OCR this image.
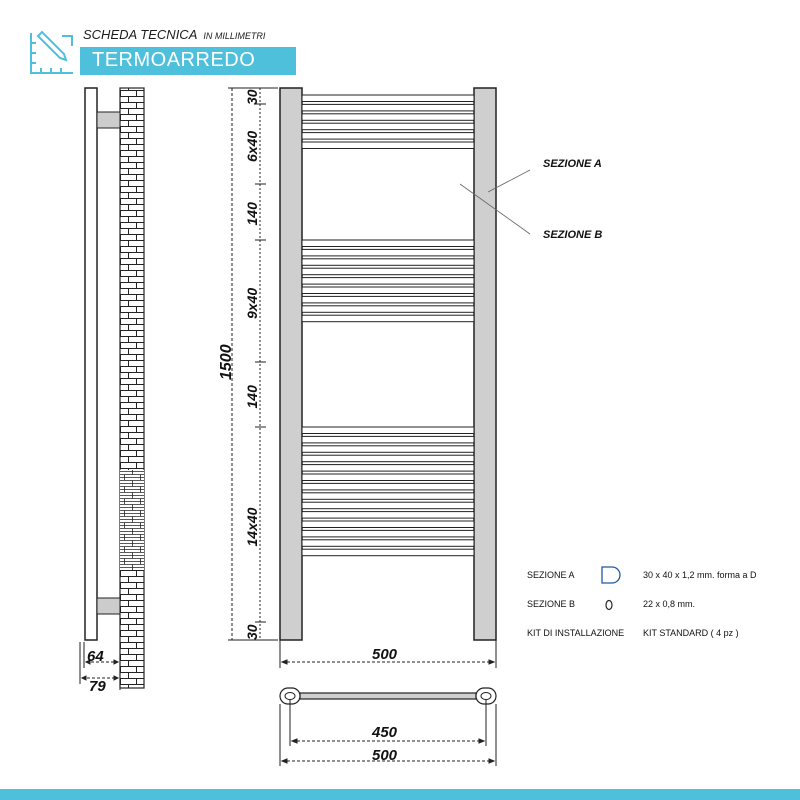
SCHEDA TECNICA IN MILLIMETRI
TERMOARREDO
64
79
1500
30
6x40
140
9x40
140
14x40
30
500
SEZIONE A
SEZIONE B
450
500
SEZIONE A	30 x 40 x 1,2 mm. forma a D
SEZIONE B	22 x 0,8 mm.
KIT DI INSTALLAZIONE KIT STANDARD ( 4 pz )
